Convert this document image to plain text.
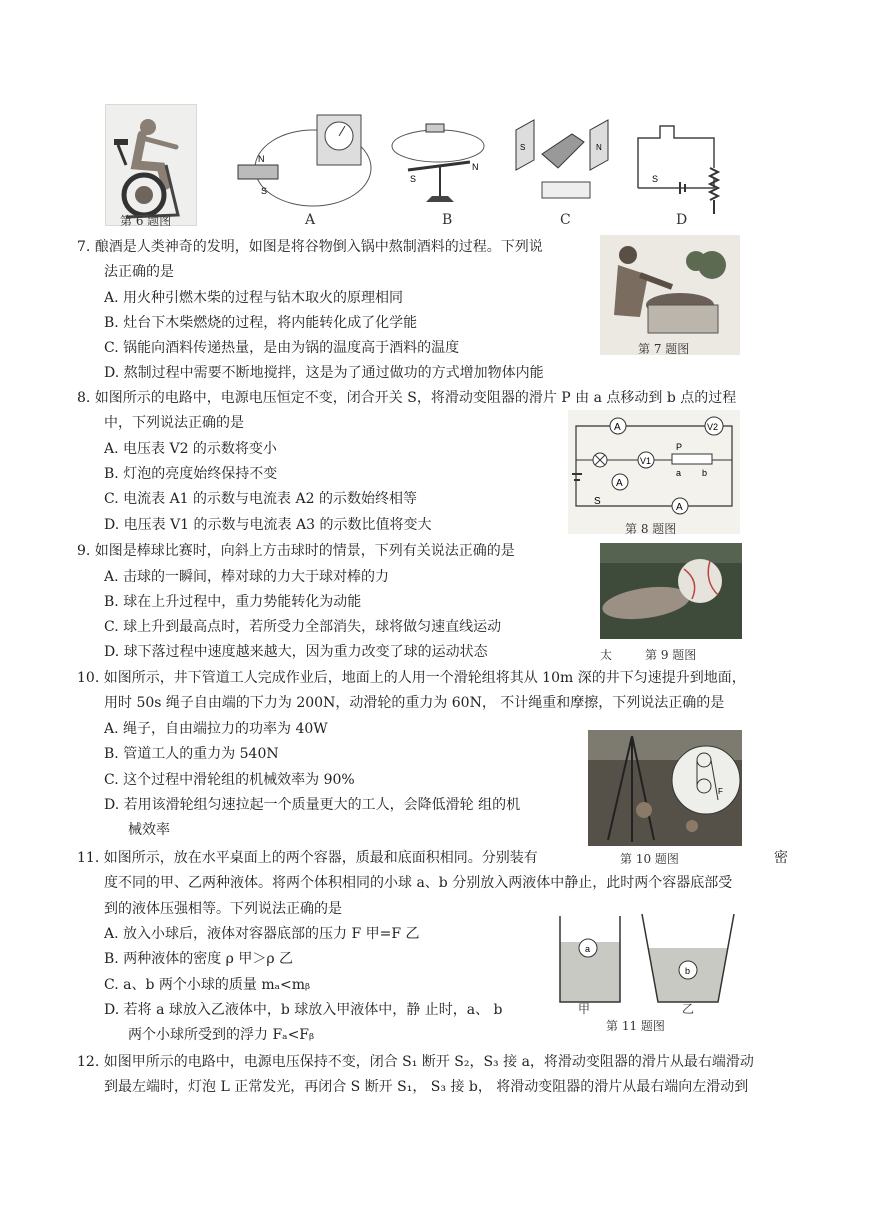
第 6 题图
N
S
A
S
N
B
S	N
C
S
D
7. 酿酒是人类神奇的发明，如图是将谷物倒入锅中熬制酒料的过程。下列说
法正确的是
A. 用火种引燃木柴的过程与钻木取火的原理相同
B. 灶台下木柴燃烧的过程，将内能转化成了化学能
C. 锅能向酒料传递热量，是由为锅的温度高于酒料的温度
D. 熬制过程中需要不断地搅拌，这是为了通过做功的方式增加物体内能
第 7 题图
8. 如图所示的电路中，电源电压恒定不变，闭合开关 S，将滑动变阻器的滑片 P 由 a 点移动到 b 点的过程
中，下列说法正确的是
A. 电压表 V2 的示数将变小
B. 灯泡的亮度始终保持不变
C. 电流表 A1 的示数与电流表 A2 的示数始终相等
D. 电压表 V1 的示数与电流表 A3 的示数比值将变大
A	V2
V1
P
a b
A
A
S
第 8 题图
9. 如图是棒球比赛时，向斜上方击球时的情景，下列有关说法正确的是
A. 击球的一瞬间，棒对球的力大于球对棒的力
B. 球在上升过程中，重力势能转化为动能
C. 球上升到最高点时，若所受力全部消失，球将做匀速直线运动
D. 球下落过程中速度越来越大，因为重力改变了球的运动状态	太	第 9 题图
10. 如图所示，井下管道工人完成作业后，地面上的人用一个滑轮组将其从 10m 深的井下匀速提升到地面，
用时 50s 绳子自由端的下力为 200N，动滑轮的重力为 60N， 不计绳重和摩擦，下列说法正确的是
A. 绳子，自由端拉力的功率为 40W
B. 管道工人的重力为 540N
C. 这个过程中滑轮组的机械效率为 90%
D. 若用该滑轮组匀速拉起一个质量更大的工人，会降低滑轮 组的机
械效率
F
第 10 题图
11. 如图所示，放在水平桌面上的两个容器，质最和底面积相同。分别装有	密
度不同的甲、乙两种液体。将两个体积相同的小球 a、b 分别放入两液体中静止，此时两个容器底部受
到的液体压强相等。下列说法正确的是
A. 放入小球后，液体对容器底部的压力 F 甲=F 乙
B. 两种液体的密度 ρ 甲＞ρ 乙
C. a、b 两个小球的质量 mₐ<mᵦ
D. 若将 a 球放入乙液体中，b 球放入甲液体中，静 止时，a、 b
两个小球所受到的浮力 Fₐ<Fᵦ
a
b
甲	乙
第 11 题图
12. 如图甲所示的电路中，电源电压保持不变，闭合 S₁ 断开 S₂，S₃ 接 a，将滑动变阻器的滑片从最右端滑动
到最左端时，灯泡 L 正常发光，再闭合 S 断开 S₁， S₃ 接 b， 将滑动变阻器的滑片从最右端向左滑动到
